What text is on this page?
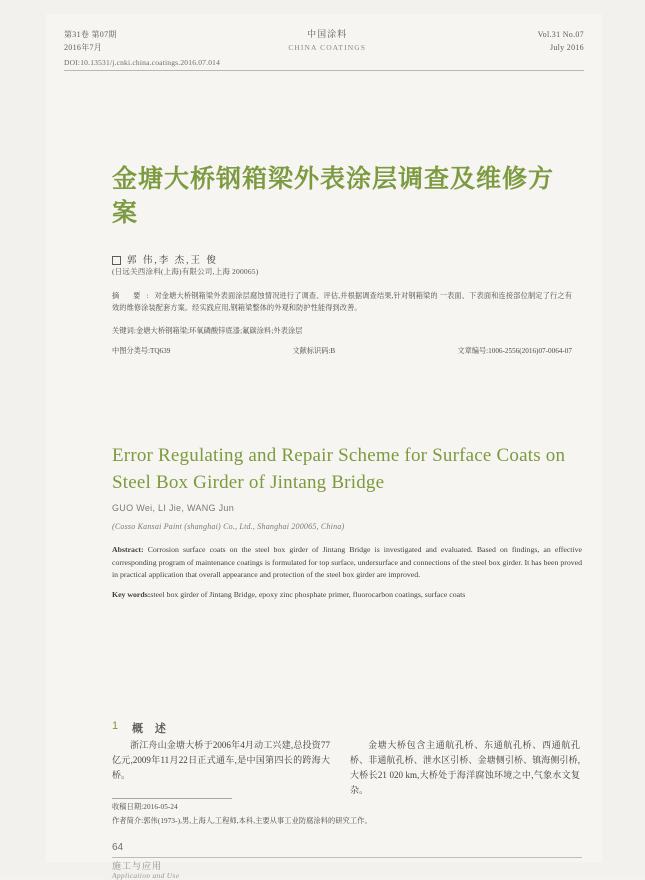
第31卷 第07期
2016年7月
中国涂料
CHINA COATINGS
Vol.31 No.07
July 2016
DOI:10.13531/j.cnki.china.coatings.2016.07.014
金塘大桥钢箱梁外表涂层调查及维修方案
郭 伟,李 杰,王 俊
(日远关西涂料(上海)有限公司,上海 200065)
摘 要:对金塘大桥钢箱梁外表面涂层腐蚀情况进行了调查、评估,并根据调查结果,针对钢箱梁的 一表面、下表面和连接部位制定了行之有效的维修涂装配套方案。经实践应用,钢箱梁整体的外观和防护性能得到改善。
关键词:金塘大桥钢箱梁;环氧磷酸锌底漆;氟碳涂料;外表涂层
中图分类号:TQ639	文献标识码:B	文章编号:1006-2556(2016)07-0064-07
Error Regulating and Repair Scheme for Surface Coats on Steel Box Girder of Jintang Bridge
GUO Wei, LI Jie, WANG Jun
(Cosso Kansai Paint (shanghai) Co., Ltd., Shanghai 200065, China)
Abstract: Corrosion surface coats on the steel box girder of Jintang Bridge is investigated and evaluated. Based on findings, an effective corresponding program of maintenance coatings is formulated for top surface, undersurface and connections of the steel box girder. It has been proved in practical application that overall appearance and protection of the steel box girder are improved.
Key words:steel box girder of Jintang Bridge, epoxy zinc phosphate primer, fluorocarbon coatings, surface coats
1 概 述
浙江舟山金塘大桥于2006年4月动工兴建,总投资77亿元,2009年11月22日正式通车,是中国第四长的跨海大桥。
金塘大桥包含主通航孔桥、东通航孔桥、西通航孔桥、非通航孔桥、泄水区引桥、金塘侧引桥、镇海侧引桥,大桥长21 020 km,大桥处于海洋腐蚀环境之中,气象水文复杂。
收稿日期:2016-05-24
作者简介:郭伟(1973-),男,上海人,工程师,本科,主要从事工业防腐涂料的研究工作。
64
施工与应用
Application and Use
